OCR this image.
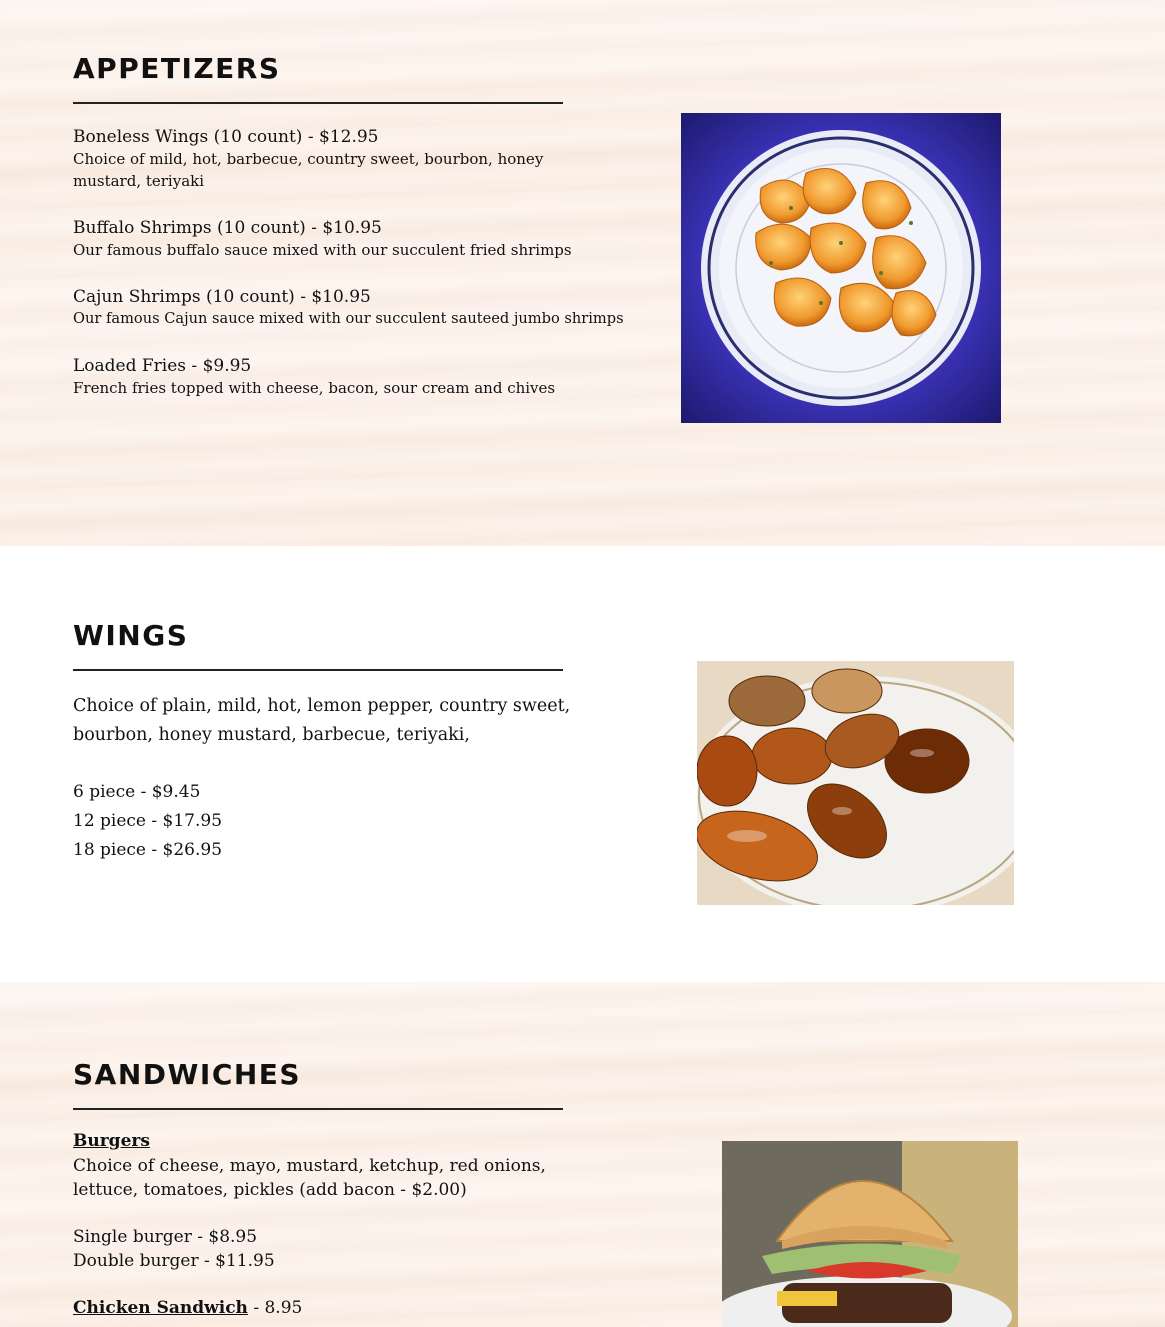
APPETIZERS
Boneless Wings (10 count) - $12.95
Choice of mild, hot, barbecue, country sweet, bourbon, honey mustard, teriyaki
Buffalo Shrimps (10 count) - $10.95
Our famous buffalo sauce mixed with our succulent fried shrimps
Cajun Shrimps (10 count) - $10.95
Our famous Cajun sauce mixed with our succulent sauteed jumbo shrimps
Loaded Fries - $9.95
French fries topped with cheese, bacon, sour cream and chives
WINGS
Choice of plain, mild, hot, lemon pepper, country sweet,
bourbon, honey mustard, barbecue, teriyaki,
6 piece - $9.45
12 piece - $17.95
18 piece - $26.95
SANDWICHES
Burgers
Choice of cheese, mayo, mustard, ketchup, red onions,
lettuce, tomatoes, pickles (add bacon - $2.00)
Single burger - $8.95
Double burger - $11.95
Chicken Sandwich - 8.95
